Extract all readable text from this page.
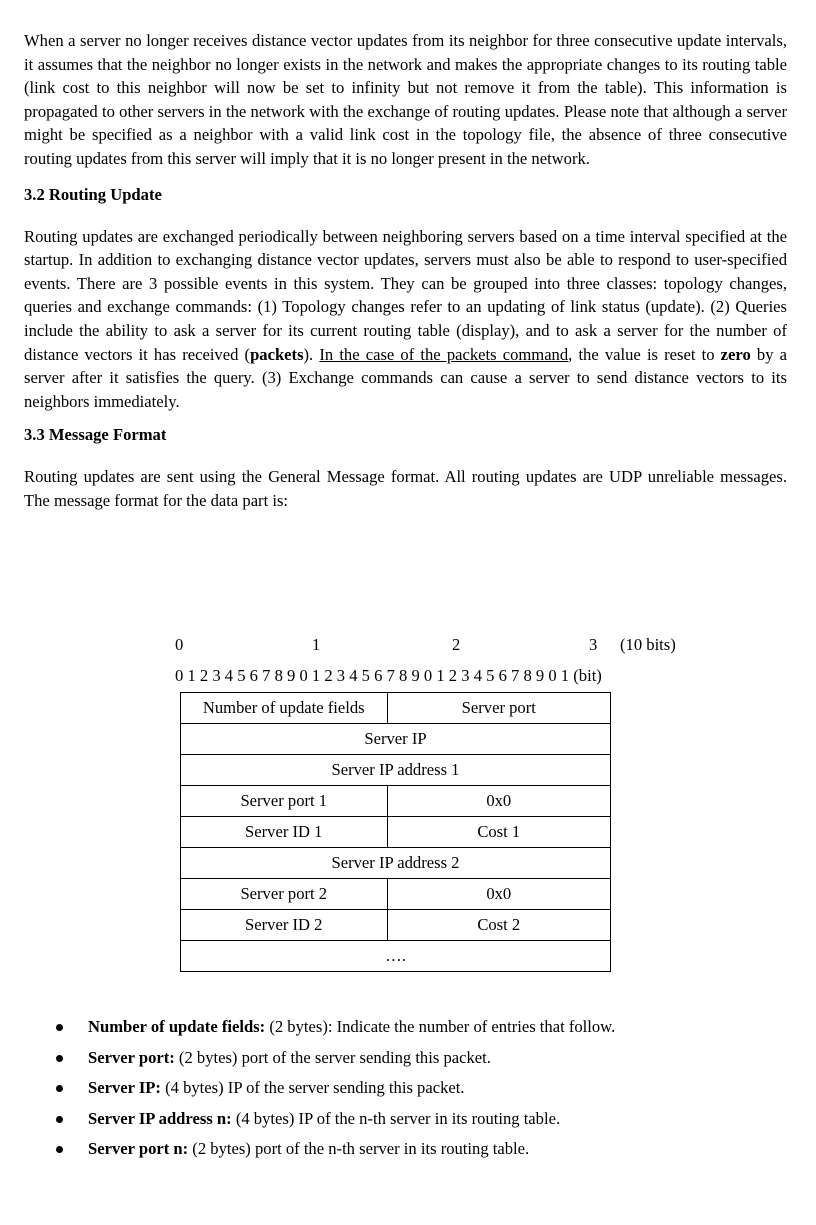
When a server no longer receives distance vector updates from its neighbor for three consecutive update intervals, it assumes that the neighbor no longer exists in the network and makes the appropriate changes to its routing table (link cost to this neighbor will now be set to infinity but not remove it from the table). This information is propagated to other servers in the network with the exchange of routing updates. Please note that although a server might be specified as a neighbor with a valid link cost in the topology file, the absence of three consecutive routing updates from this server will imply that it is no longer present in the network.

3.2 Routing Update

Routing updates are exchanged periodically between neighboring servers based on a time interval specified at the startup. In addition to exchanging distance vector updates, servers must also be able to respond to user-specified events. There are 3 possible events in this system. They can be grouped into three classes: topology changes, queries and exchange commands: (1) Topology changes refer to an updating of link status (update). (2) Queries include the ability to ask a server for its current routing table (display), and to ask a server for the number of distance vectors it has received (packets). In the case of the packets command, the value is reset to zero by a server after it satisfies the query. (3) Exchange commands can cause a server to send distance vectors to its neighbors immediately.

3.3 Message Format

Routing updates are sent using the General Message format. All routing updates are UDP unreliable messages. The message format for the data part is:

0	1	2	3 (10 bits)
0 1 2 3 4 5 6 7 8 9 0 1 2 3 4 5 6 7 8 9 0 1 2 3 4 5 6 7 8 9 0 1 (bit)
Number of update fields	Server port
Server IP	
Server IP address 1	
Server port 1	0x0
Server ID 1	Cost 1
Server IP address 2	
Server port 2	0x0
Server ID 2	Cost 2
….	
Number of update fields: (2 bytes): Indicate the number of entries that follow.
Server port: (2 bytes) port of the server sending this packet.
Server IP: (4 bytes) IP of the server sending this packet.
Server IP address n: (4 bytes) IP of the n-th server in its routing table.
Server port n: (2 bytes) port of the n-th server in its routing table.
